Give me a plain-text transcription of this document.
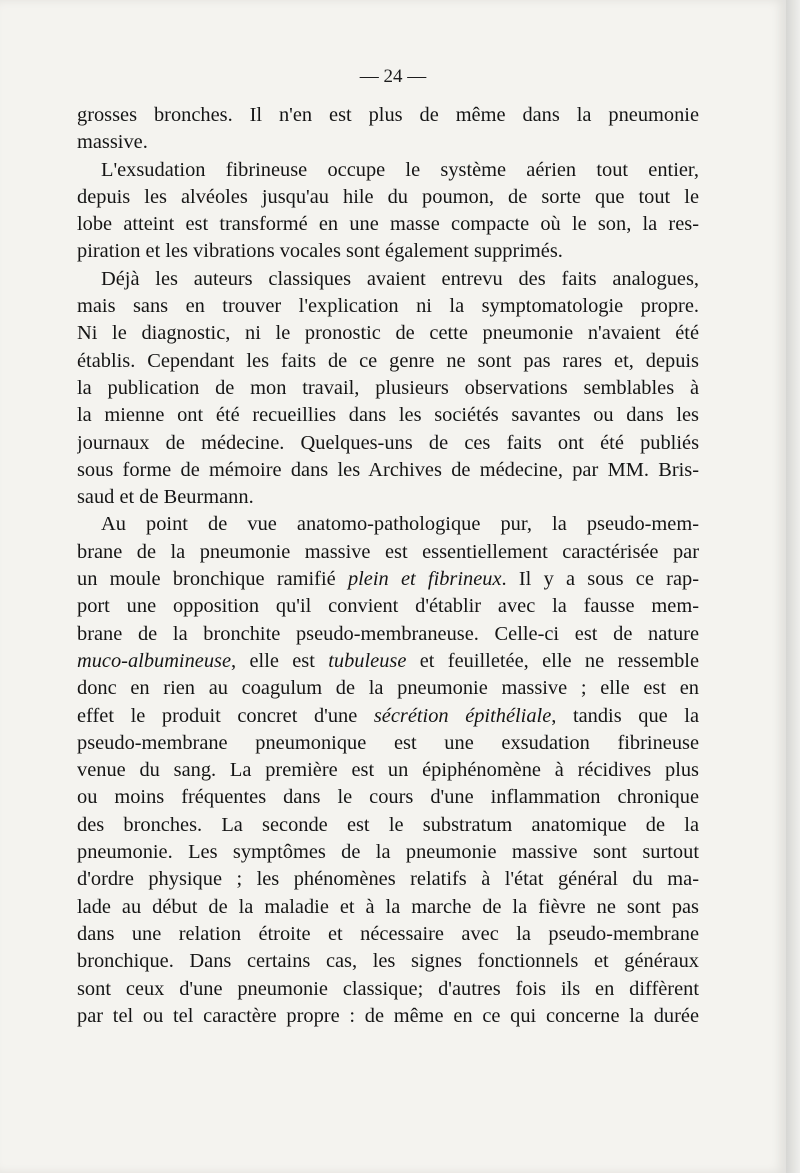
— 24 —
grosses bronches. Il n'en est plus de même dans la pneumonie
massive.
L'exsudation fibrineuse occupe le système aérien tout entier,
depuis les alvéoles jusqu'au hile du poumon, de sorte que tout le
lobe atteint est transformé en une masse compacte où le son, la res-
piration et les vibrations vocales sont également supprimés.
Déjà les auteurs classiques avaient entrevu des faits analogues,
mais sans en trouver l'explication ni la symptomatologie propre.
Ni le diagnostic, ni le pronostic de cette pneumonie n'avaient été
établis. Cependant les faits de ce genre ne sont pas rares et, depuis
la publication de mon travail, plusieurs observations semblables à
la mienne ont été recueillies dans les sociétés savantes ou dans les
journaux de médecine. Quelques-uns de ces faits ont été publiés
sous forme de mémoire dans les Archives de médecine, par MM. Bris-
saud et de Beurmann.
Au point de vue anatomo-pathologique pur, la pseudo-mem-
brane de la pneumonie massive est essentiellement caractérisée par
un moule bronchique ramifié plein et fibrineux. Il y a sous ce rap-
port une opposition qu'il convient d'établir avec la fausse mem-
brane de la bronchite pseudo-membraneuse. Celle-ci est de nature
muco-albumineuse, elle est tubuleuse et feuilletée, elle ne ressemble
donc en rien au coagulum de la pneumonie massive ; elle est en
effet le produit concret d'une sécrétion épithéliale, tandis que la
pseudo-membrane pneumonique est une exsudation fibrineuse
venue du sang. La première est un épiphénomène à récidives plus
ou moins fréquentes dans le cours d'une inflammation chronique
des bronches. La seconde est le substratum anatomique de la
pneumonie. Les symptômes de la pneumonie massive sont surtout
d'ordre physique ; les phénomènes relatifs à l'état général du ma-
lade au début de la maladie et à la marche de la fièvre ne sont pas
dans une relation étroite et nécessaire avec la pseudo-membrane
bronchique. Dans certains cas, les signes fonctionnels et généraux
sont ceux d'une pneumonie classique; d'autres fois ils en diffèrent
par tel ou tel caractère propre : de même en ce qui concerne la durée
